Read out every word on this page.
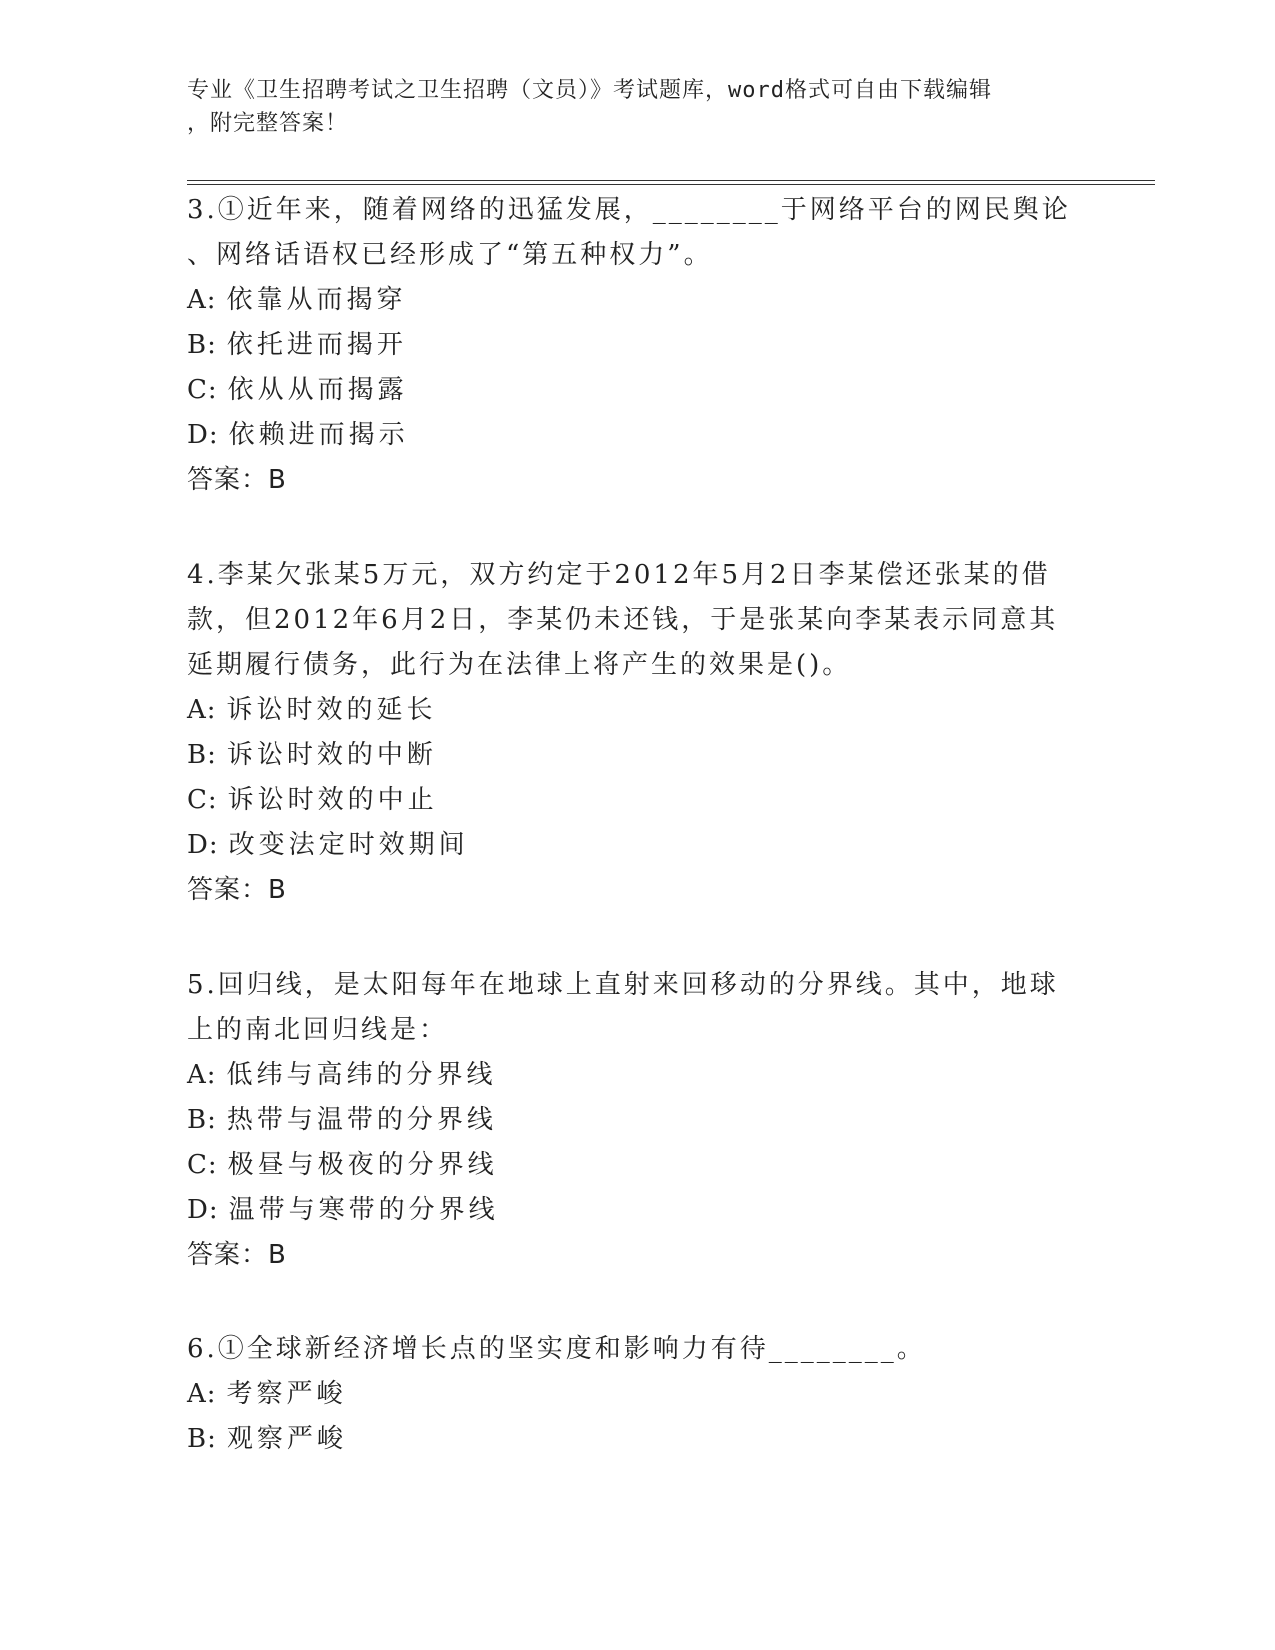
专业《卫生招聘考试之卫生招聘（文员）》考试题库，word格式可自由下载编辑
，附完整答案！

3.①近年来，随着网络的迅猛发展，________于网络平台的网民舆论

、网络话语权已经形成了“第五种权力”。

A: 依靠从而揭穿

B: 依托进而揭开

C: 依从从而揭露

D: 依赖进而揭示

答案：B

4.李某欠张某5万元，双方约定于2012年5月2日李某偿还张某的借

款，但2012年6月2日，李某仍未还钱，于是张某向李某表示同意其

延期履行债务，此行为在法律上将产生的效果是()。

A: 诉讼时效的延长

B: 诉讼时效的中断

C: 诉讼时效的中止

D: 改变法定时效期间

答案：B

5.回归线，是太阳每年在地球上直射来回移动的分界线。其中，地球

上的南北回归线是：

A: 低纬与高纬的分界线

B: 热带与温带的分界线

C: 极昼与极夜的分界线

D: 温带与寒带的分界线

答案：B

6.①全球新经济增长点的坚实度和影响力有待________。

A: 考察严峻

B: 观察严峻
